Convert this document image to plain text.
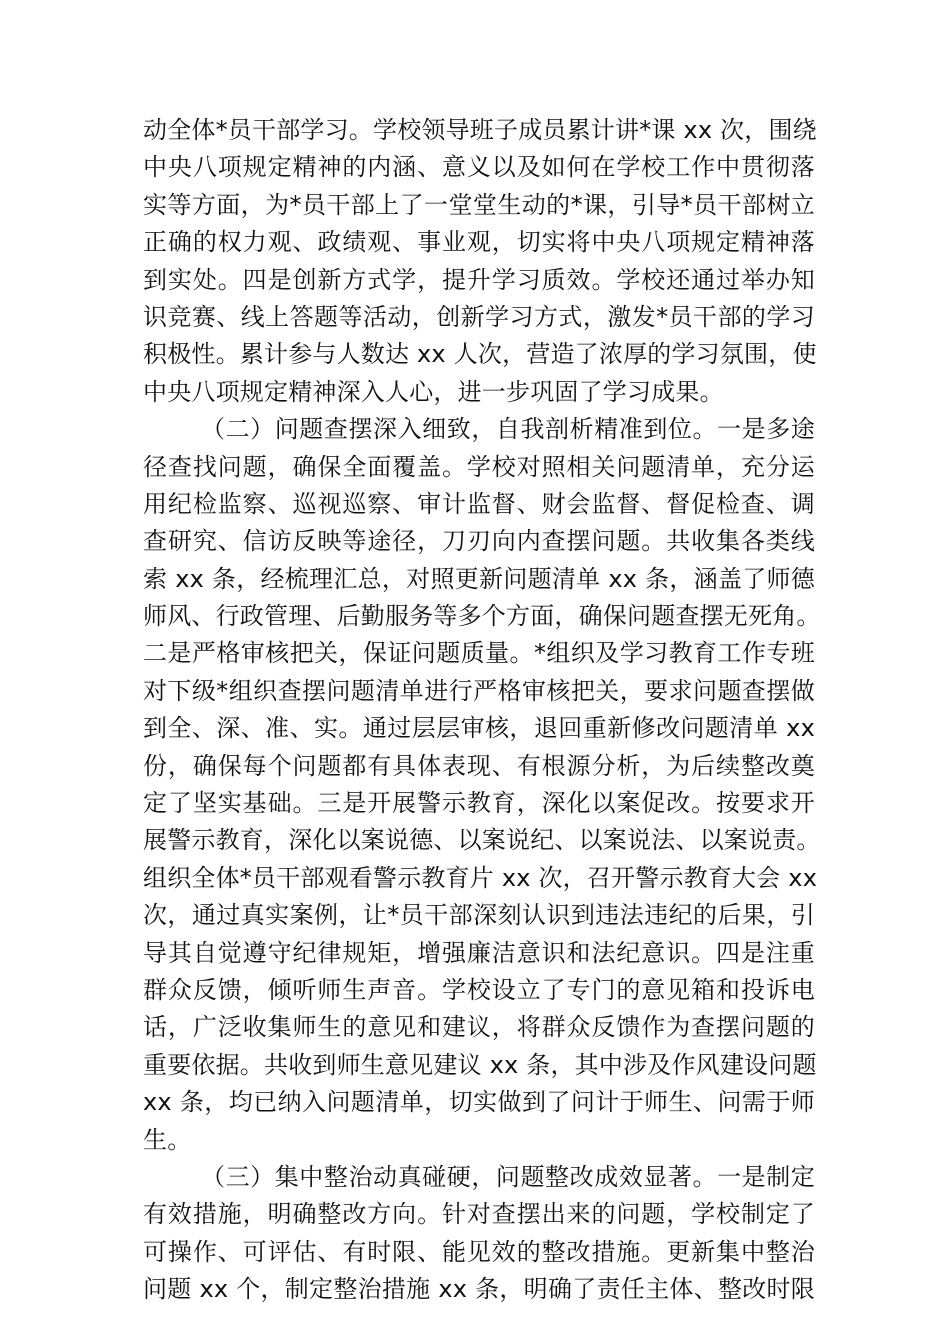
动全体*员干部学习。学校领导班子成员累计讲*课 xx 次，围绕
中央八项规定精神的内涵、意义以及如何在学校工作中贯彻落
实等方面，为*员干部上了一堂堂生动的*课，引导*员干部树立
正确的权力观、政绩观、事业观，切实将中央八项规定精神落
到实处。四是创新方式学，提升学习质效。学校还通过举办知
识竞赛、线上答题等活动，创新学习方式，激发*员干部的学习
积极性。累计参与人数达 xx 人次，营造了浓厚的学习氛围，使
中央八项规定精神深入人心，进一步巩固了学习成果。
（二）问题查摆深入细致，自我剖析精准到位。一是多途
径查找问题，确保全面覆盖。学校对照相关问题清单，充分运
用纪检监察、巡视巡察、审计监督、财会监督、督促检查、调
查研究、信访反映等途径，刀刃向内查摆问题。共收集各类线
索 xx 条，经梳理汇总，对照更新问题清单 xx 条，涵盖了师德
师风、行政管理、后勤服务等多个方面，确保问题查摆无死角。
二是严格审核把关，保证问题质量。*组织及学习教育工作专班
对下级*组织查摆问题清单进行严格审核把关，要求问题查摆做
到全、深、准、实。通过层层审核，退回重新修改问题清单 xx
份，确保每个问题都有具体表现、有根源分析，为后续整改奠
定了坚实基础。三是开展警示教育，深化以案促改。按要求开
展警示教育，深化以案说德、以案说纪、以案说法、以案说责。
组织全体*员干部观看警示教育片 xx 次，召开警示教育大会 xx
次，通过真实案例，让*员干部深刻认识到违法违纪的后果，引
导其自觉遵守纪律规矩，增强廉洁意识和法纪意识。四是注重
群众反馈，倾听师生声音。学校设立了专门的意见箱和投诉电
话，广泛收集师生的意见和建议，将群众反馈作为查摆问题的
重要依据。共收到师生意见建议 xx 条，其中涉及作风建设问题
xx 条，均已纳入问题清单，切实做到了问计于师生、问需于师
生。
（三）集中整治动真碰硬，问题整改成效显著。一是制定
有效措施，明确整改方向。针对查摆出来的问题，学校制定了
可操作、可评估、有时限、能见效的整改措施。更新集中整治
问题 xx 个，制定整治措施 xx 条，明确了责任主体、整改时限
